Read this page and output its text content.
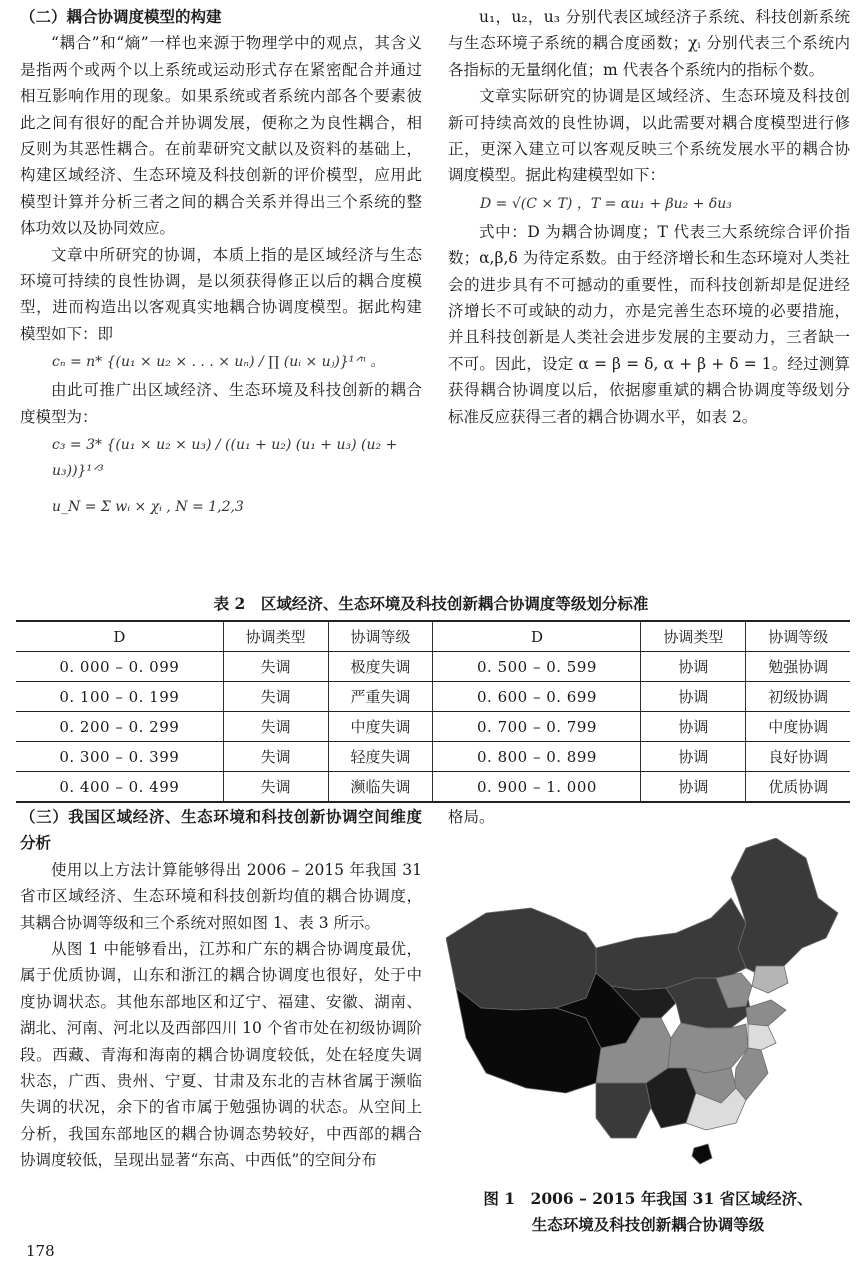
（二）耦合协调度模型的构建

“耦合”和“熵”一样也来源于物理学中的观点，其含义是指两个或两个以上系统或运动形式存在紧密配合并通过相互影响作用的现象。如果系统或者系统内部各个要素彼此之间有很好的配合并协调发展，便称之为良性耦合，相反则为其恶性耦合。在前辈研究文献以及资料的基础上，构建区域经济、生态环境及科技创新的评价模型，应用此模型计算并分析三者之间的耦合关系并得出三个系统的整体功效以及协同效应。

文章中所研究的协调，本质上指的是区域经济与生态环境可持续的良性协调，是以须获得修正以后的耦合度模型，进而构造出以客观真实地耦合协调度模型。据此构建模型如下：即

cₙ = n* {(u₁ × u₂ × . . . × uₙ) / ∏ (uᵢ × uⱼ)}¹ᐟⁿ 。

由此可推广出区域经济、生态环境及科技创新的耦合度模型为：

c₃ = 3* {(u₁ × u₂ × u₃) / ((u₁ + u₂) (u₁ + u₃) (u₂ + u₃))}¹ᐟ³
u_N = Σ wᵢ × χᵢ , N = 1,2,3

u₁，u₂，u₃ 分别代表区域经济子系统、科技创新系统与生态环境子系统的耦合度函数；χᵢ 分别代表三个系统内各指标的无量纲化值；m 代表各个系统内的指标个数。

文章实际研究的协调是区域经济、生态环境及科技创新可持续高效的良性协调，以此需要对耦合度模型进行修正，更深入建立可以客观反映三个系统发展水平的耦合协调度模型。据此构建模型如下：

D = √(C × T) ，T = αu₁ + βu₂ + δu₃

式中：D 为耦合协调度；T 代表三大系统综合评价指数；α,β,δ 为待定系数。由于经济增长和生态环境对人类社会的进步具有不可撼动的重要性，而科技创新却是促进经济增长不可或缺的动力，亦是完善生态环境的必要措施，并且科技创新是人类社会进步发展的主要动力，三者缺一不可。因此，设定 α = β = δ, α + β + δ = 1。经过测算获得耦合协调度以后，依据廖重斌的耦合协调度等级划分标准反应获得三者的耦合协调水平，如表 2。

表 2　区域经济、生态环境及科技创新耦合协调度等级划分标准
D	协调类型	协调等级	D	协调类型	协调等级
0. 000 – 0. 099	失调	极度失调	0. 500 – 0. 599	协调	勉强协调
0. 100 – 0. 199	失调	严重失调	0. 600 – 0. 699	协调	初级协调
0. 200 – 0. 299	失调	中度失调	0. 700 – 0. 799	协调	中度协调
0. 300 – 0. 399	失调	轻度失调	0. 800 – 0. 899	协调	良好协调
0. 400 – 0. 499	失调	濒临失调	0. 900 – 1. 000	协调	优质协调

（三）我国区域经济、生态环境和科技创新协调空间维度分析

使用以上方法计算能够得出 2006 – 2015 年我国 31 省市区域经济、生态环境和科技创新均值的耦合协调度，其耦合协调等级和三个系统对照如图 1、表 3 所示。

从图 1 中能够看出，江苏和广东的耦合协调度最优，属于优质协调，山东和浙江的耦合协调度也很好，处于中度协调状态。其他东部地区和辽宁、福建、安徽、湖南、湖北、河南、河北以及西部四川 10 个省市处在初级协调阶段。西藏、青海和海南的耦合协调度较低，处在轻度失调状态，广西、贵州、宁夏、甘肃及东北的吉林省属于濒临失调的状况，余下的省市属于勉强协调的状态。从空间上分析，我国东部地区的耦合协调态势较好，中西部的耦合协调度较低，呈现出显著“东高、中西低”的空间分布

格局。
图 1　2006 – 2015 年我国 31 省区域经济、
生态环境及科技创新耦合协调等级
178
